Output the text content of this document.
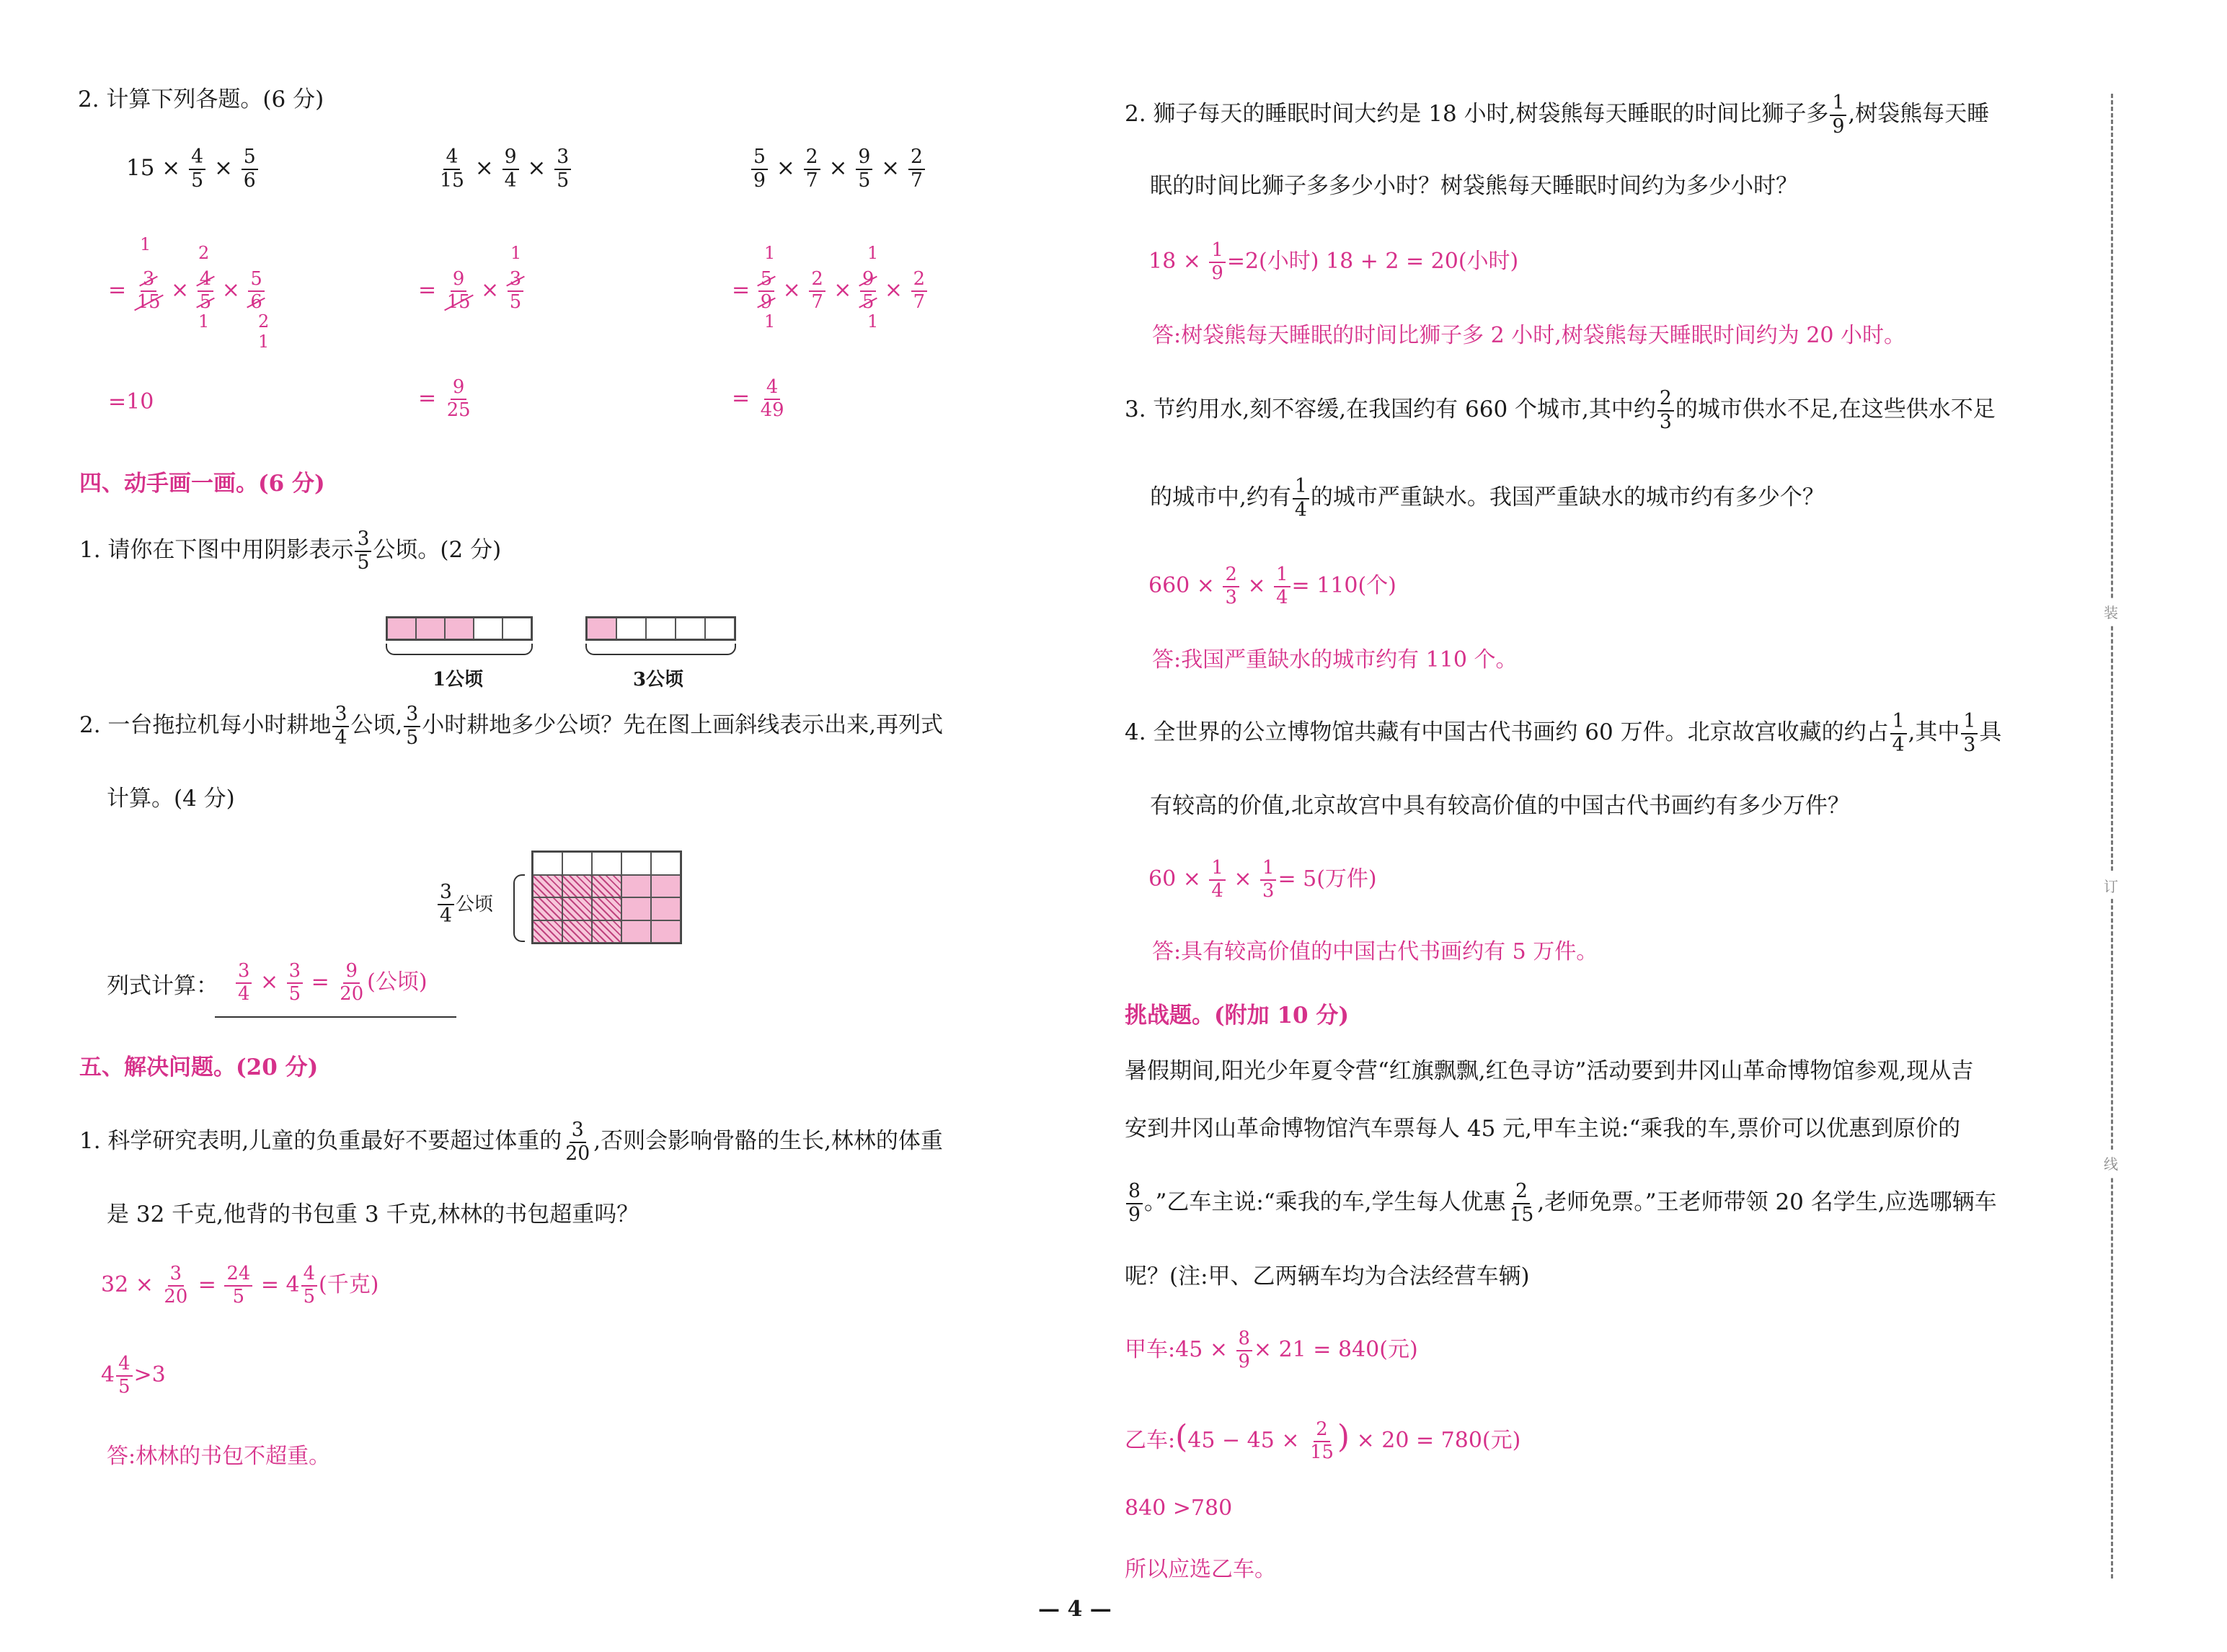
2. 计算下列各题。(6 分)
$15 \times \frac{4}{5} \times \frac{5}{6}$	$\frac{4}{15} \times \frac{9}{4} \times \frac{3}{5}$	$\frac{5}{9} \times \frac{2}{7} \times \frac{9}{5} \times \frac{2}{7}$
= $\frac{3}{15} \times \frac{4}{5} \times \frac{5}{6}$
1	2
1	2
1
= $\frac{9}{15} \times \frac{3}{5}$
1
= $\frac{5}{9} \times \frac{2}{7} \times \frac{9}{5} \times \frac{2}{7}$
1
1
1
1
=10	= $\frac{9}{25}$	= $\frac{4}{49}$
四、动手画一画。(6 分)
1. 请你在下图中用阴影表示 $\frac{3}{5}$ 公顷。(2 分)
1公顷	3公顷
2. 一台拖拉机每小时耕地 $\frac{3}{4}$ 公顷, $\frac{3}{5}$ 小时耕地多少公顷？先在图上画斜线表示出来,再列式
计算。(4 分)
$\frac{3}{4}$ 公顷
列式计算： $\frac{3}{4} \times \frac{3}{5} = \frac{9}{20}$ (公顷)
五、解决问题。(20 分)
1. 科学研究表明,儿童的负重最好不要超过体重的 $\frac{3}{20}$ ,否则会影响骨骼的生长,林林的体重
是 32 千克,他背的书包重 3 千克,林林的书包超重吗？
$32 \times \frac{3}{20} = \frac{24}{5} = 4 \frac{4}{5}$ (千克)
$4 \frac{4}{5} >3$
答:林林的书包不超重。
2. 狮子每天的睡眠时间大约是 18 小时,树袋熊每天睡眠的时间比狮子多 $\frac{1}{9}$ ,树袋熊每天睡
眠的时间比狮子多多少小时？树袋熊每天睡眠时间约为多少小时？
$18 \times \frac{1}{9} =2$(小时) 18 + 2 = 20(小时)
答:树袋熊每天睡眠的时间比狮子多 2 小时,树袋熊每天睡眠时间约为 20 小时。
3. 节约用水,刻不容缓,在我国约有 660 个城市,其中约 $\frac{2}{3}$ 的城市供水不足,在这些供水不足
的城市中,约有 $\frac{1}{4}$ 的城市严重缺水。我国严重缺水的城市约有多少个？
$660 \times \frac{2}{3} \times \frac{1}{4} = 110$(个)
答:我国严重缺水的城市约有 110 个。
4. 全世界的公立博物馆共藏有中国古代书画约 60 万件。北京故宫收藏的约占 $\frac{1}{4}$ ,其中 $\frac{1}{3}$ 具
有较高的价值,北京故宫中具有较高价值的中国古代书画约有多少万件？
$60 \times \frac{1}{4} \times \frac{1}{3} = 5$(万件)
答:具有较高价值的中国古代书画约有 5 万件。
挑战题。(附加 10 分)
暑假期间,阳光少年夏令营“红旗飘飘,红色寻访”活动要到井冈山革命博物馆参观,现从吉
安到井冈山革命博物馆汽车票每人 45 元,甲车主说:“乘我的车,票价可以优惠到原价的
$\frac{8}{9}$ 。”乙车主说:“乘我的车,学生每人优惠 $\frac{2}{15}$ ,老师免票。”王老师带领 20 名学生,应选哪辆车
呢？(注:甲、乙两辆车均为合法经营车辆)
甲车:45 × $\frac{8}{9} \times 21 = 840$(元)
乙车:(45 − $45 \times \frac{2}{15}$ ) × 20 = 780(元)
840 >780
所以应选乙车。
装
订
线
— 4 —
